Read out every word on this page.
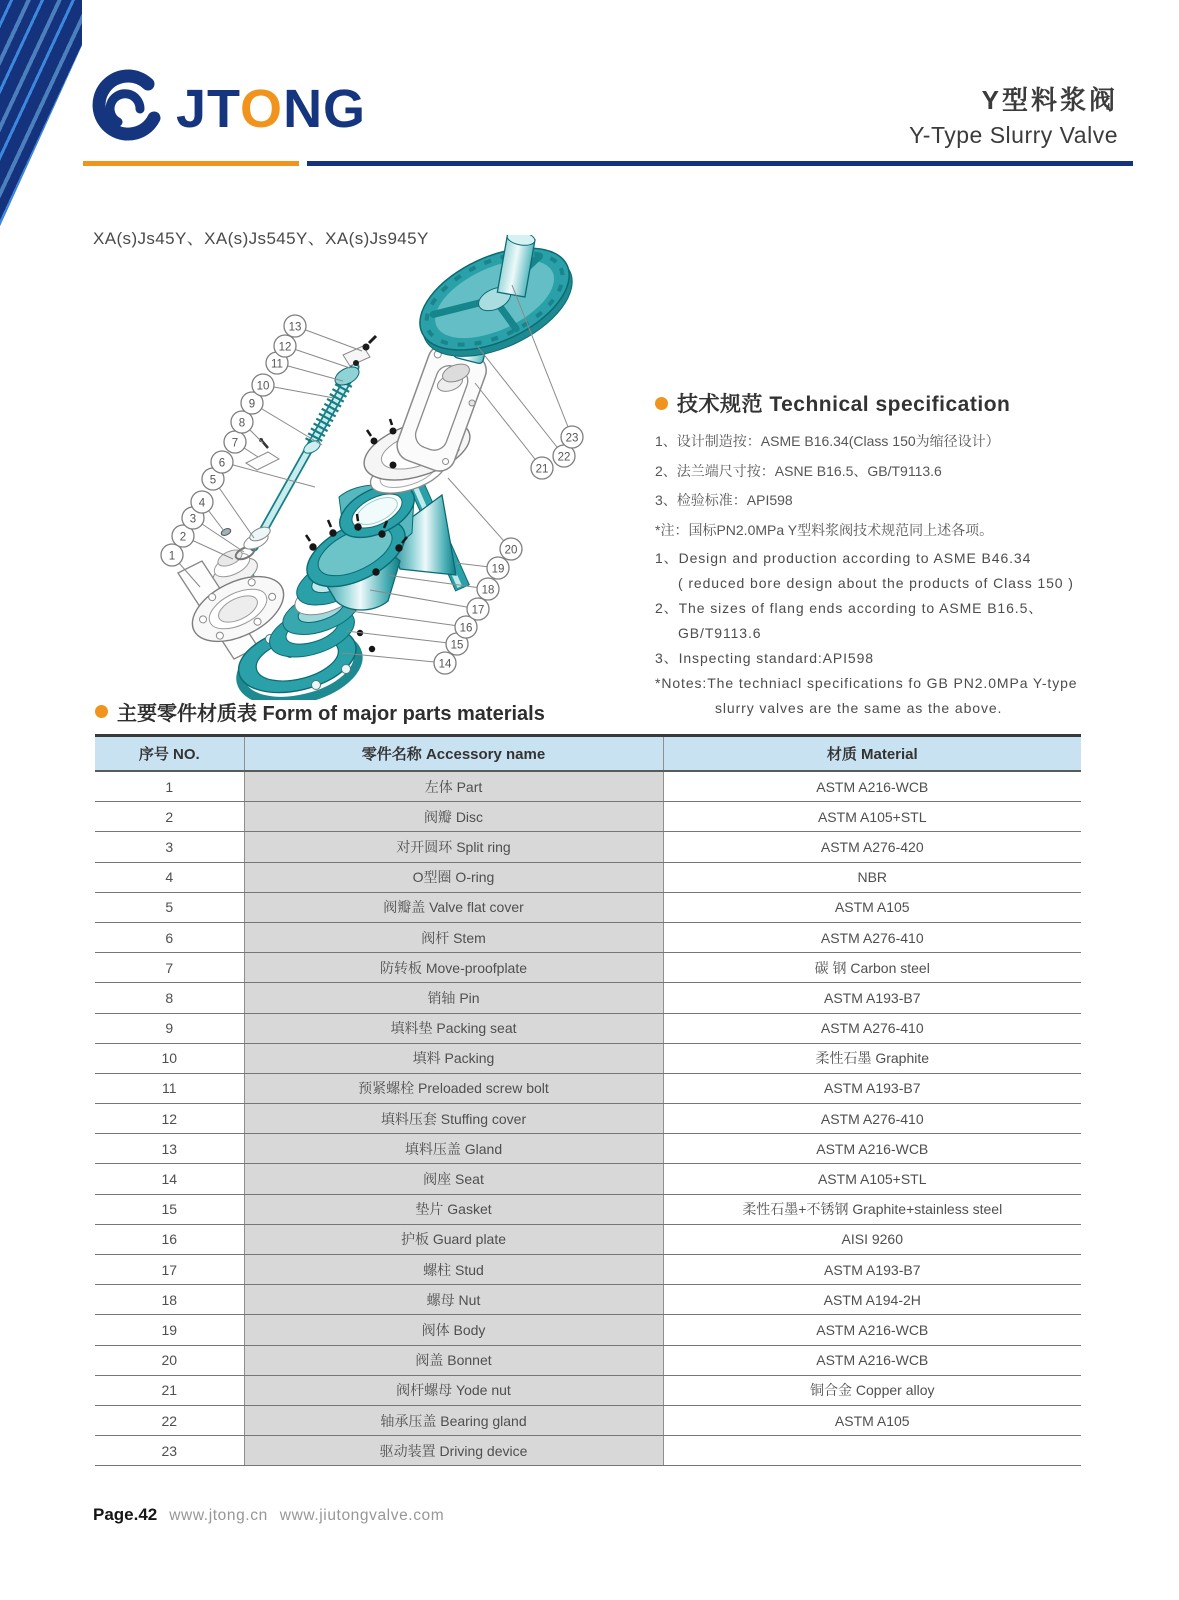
JTONG	Y型料浆阀
Y-Type Slurry Valve
XA(s)Js45Y、XA(s)Js545Y、XA(s)Js945Y
1
2
3
4
5
6
7
8
9
10
11
12
13
14
15
16
17
18
19
20
21
22
23
技术规范 Technical specification
1、设计制造按：ASME B16.34(Class 150为缩径设计）
2、法兰端尺寸按：ASNE B16.5、GB/T9113.6
3、检验标准：API598
*注：国标PN2.0MPa Y型料浆阀技术规范同上述各项。
1、Design and production according to ASME B46.34
( reduced bore design about the products of Class 150 )
2、The sizes of flang ends according to ASME B16.5、
GB/T9113.6
3、Inspecting standard:API598
*Notes:The techniacl specifications fo GB PN2.0MPa Y-type
slurry valves are the same as the above.
主要零件材质表 Form of major parts materials
序号 NO.	零件名称 Accessory name	材质 Material
1	左体 Part	ASTM A216-WCB
2	阀瓣 Disc	ASTM A105+STL
3	对开圆环 Split ring	ASTM A276-420
4	O型圈 O-ring	NBR
5	阀瓣盖 Valve flat cover	ASTM A105
6	阀杆 Stem	ASTM A276-410
7	防转板 Move-proofplate	碳 钢 Carbon steel
8	销轴 Pin	ASTM A193-B7
9	填料垫 Packing seat	ASTM A276-410
10	填料 Packing	柔性石墨 Graphite
11	预紧螺栓 Preloaded screw bolt	ASTM A193-B7
12	填料压套 Stuffing cover	ASTM A276-410
13	填料压盖 Gland	ASTM A216-WCB
14	阀座 Seat	ASTM A105+STL
15	垫片 Gasket	柔性石墨+不锈钢 Graphite+stainless steel
16	护板 Guard plate	AISI 9260
17	螺柱 Stud	ASTM A193-B7
18	螺母 Nut	ASTM A194-2H
19	阀体 Body	ASTM A216-WCB
20	阀盖 Bonnet	ASTM A216-WCB
21	阀杆螺母 Yode nut	铜合金 Copper alloy
22	轴承压盖 Bearing gland	ASTM A105
23	驱动装置 Driving device	
Page.42 www.jtong.cn www.jiutongvalve.com
